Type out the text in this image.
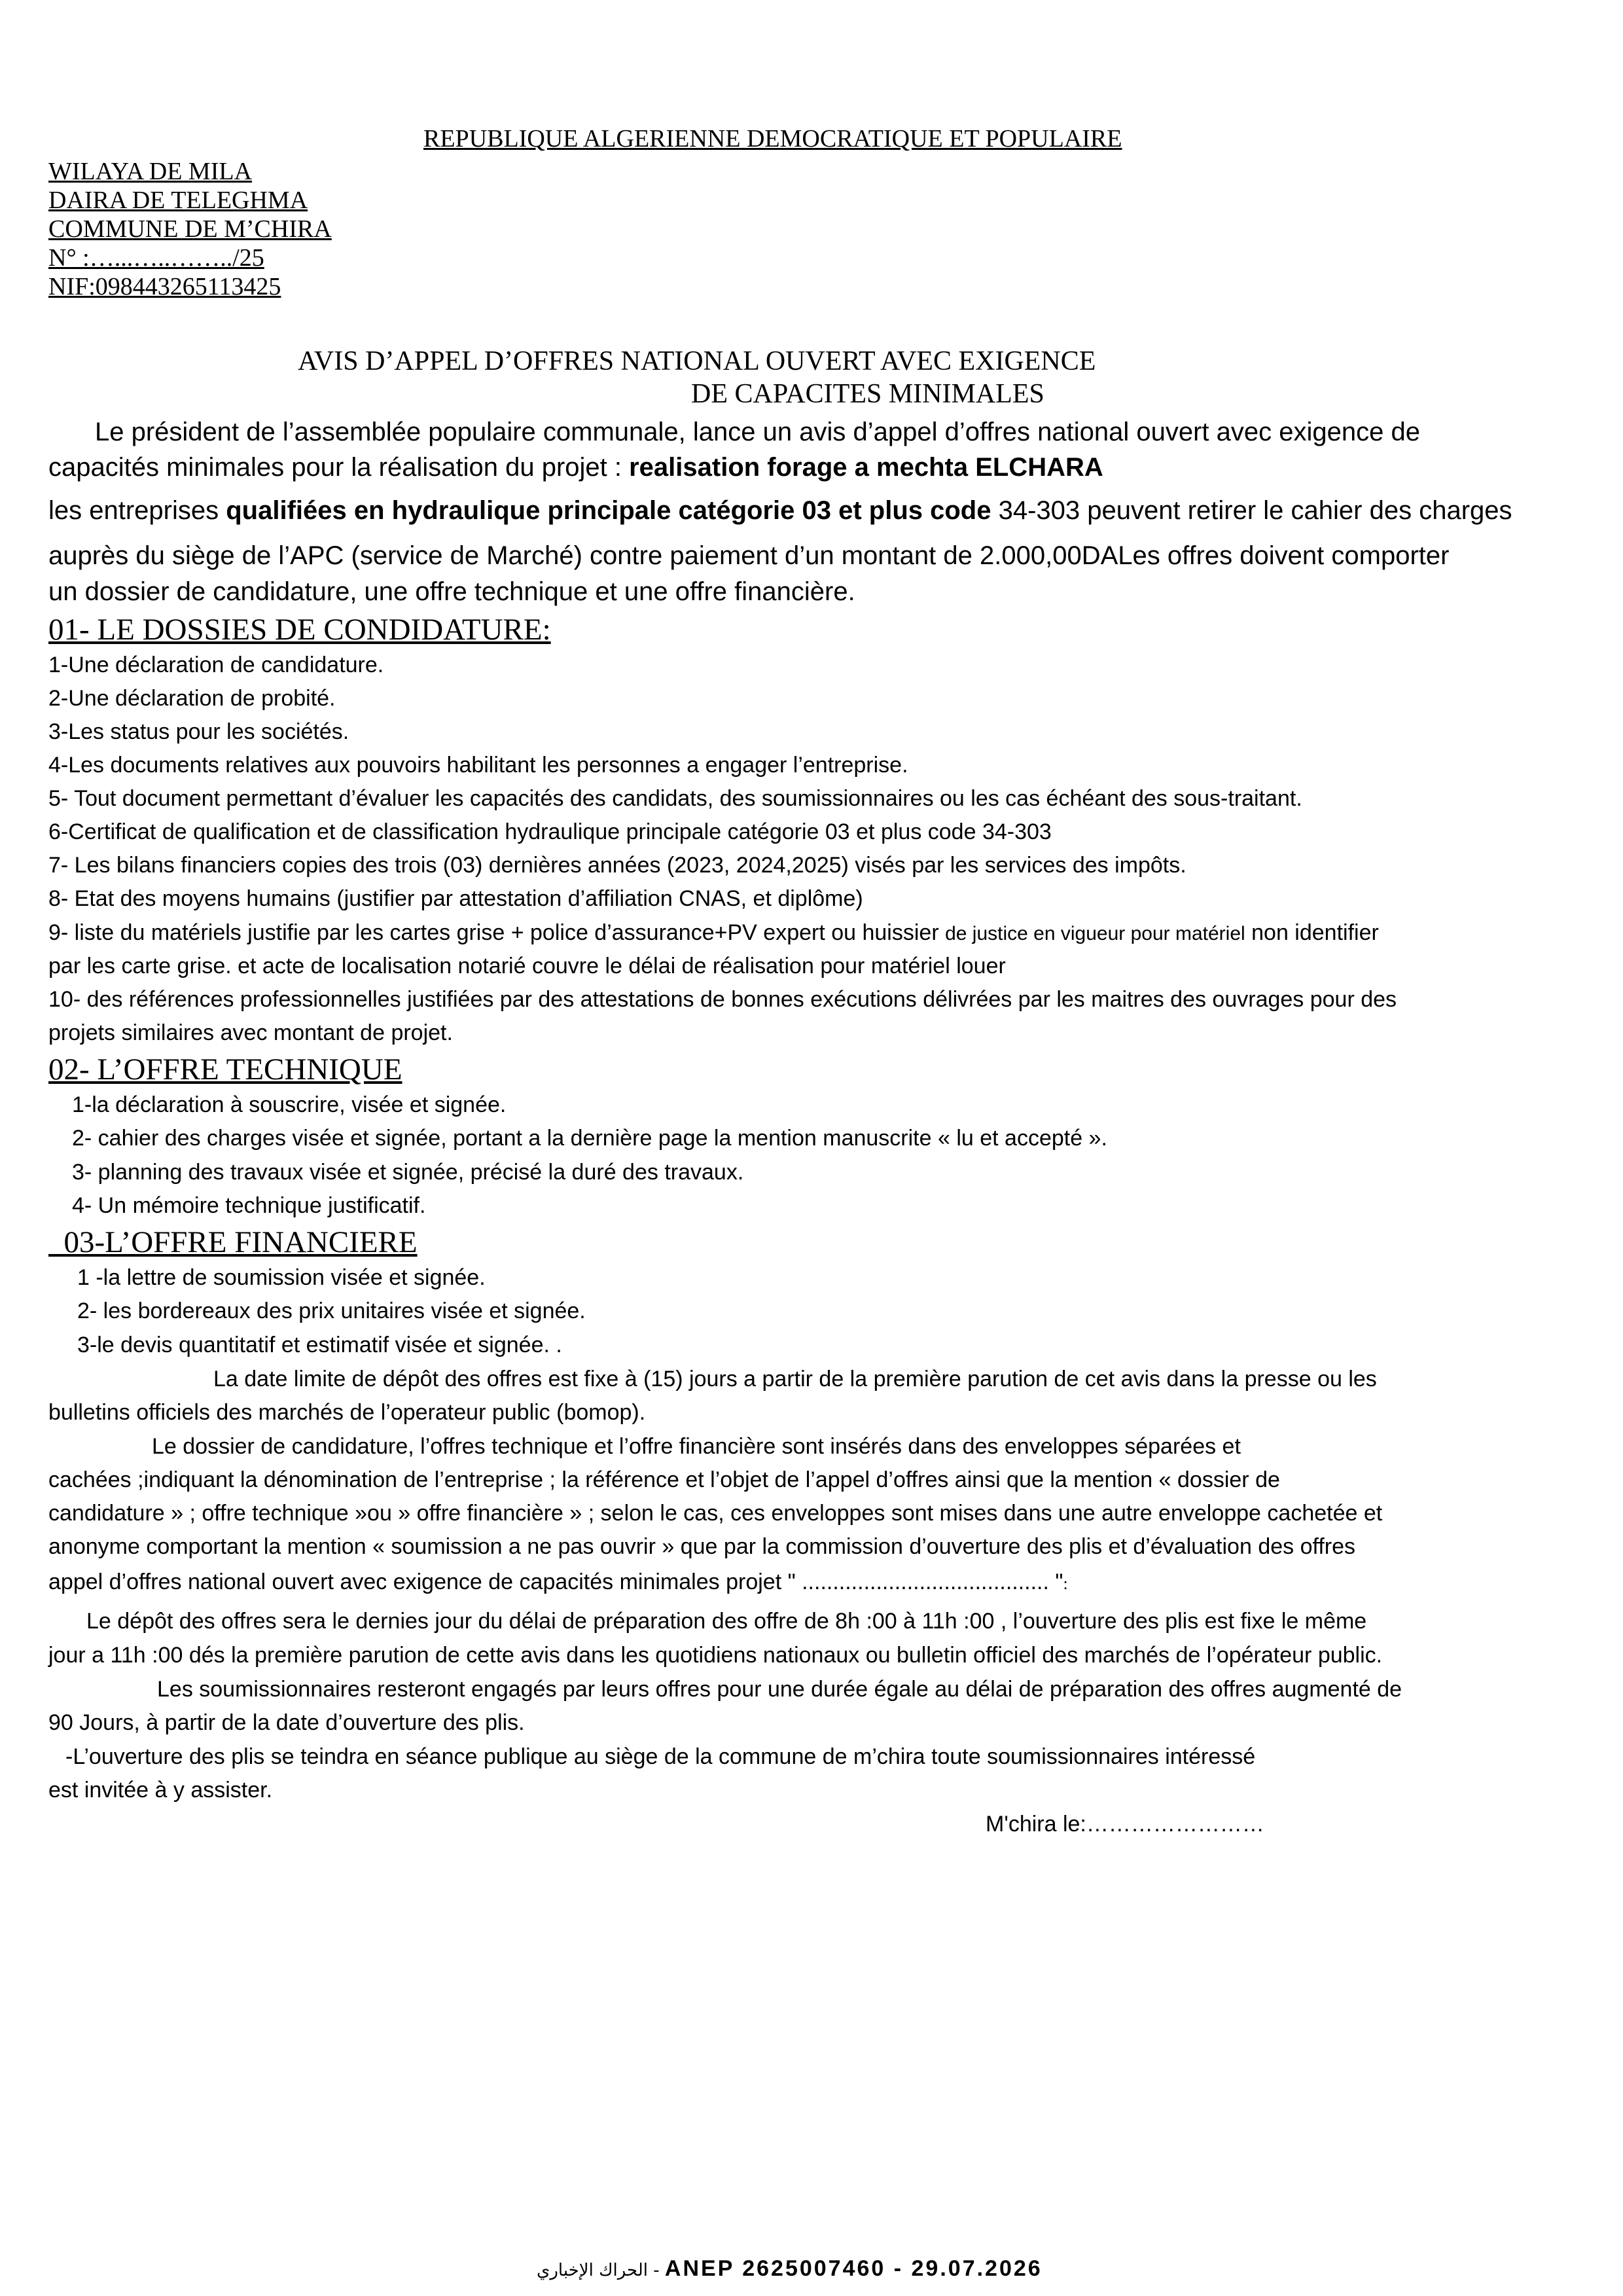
REPUBLIQUE ALGERIENNE DEMOCRATIQUE ET POPULAIRE
WILAYA DE MILA
DAIRA DE TELEGHMA
COMMUNE DE M’CHIRA
N° :…...…..……../25
NIF:098443265113425
AVIS D’APPEL D’OFFRES NATIONAL OUVERT AVEC EXIGENCE
DE CAPACITES MINIMALES
Le président de l’assemblée populaire communale, lance un avis d’appel d’offres national ouvert avec exigence de
capacités minimales pour la réalisation du projet : realisation forage a mechta ELCHARA
les entreprises qualifiées en hydraulique principale catégorie 03 et plus code 34-303 peuvent retirer le cahier des charges
auprès du siège de l’APC (service de Marché) contre paiement d’un montant de 2.000,00DALes offres doivent comporter
un dossier de candidature, une offre technique et une offre financière.
01- LE DOSSIES DE CONDIDATURE:
1-Une déclaration de candidature.
2-Une déclaration de probité.
3-Les status pour les sociétés.
4-Les documents relatives aux pouvoirs habilitant les personnes a engager l’entreprise.
5- Tout document permettant d’évaluer les capacités des candidats, des soumissionnaires ou les cas échéant des sous-traitant.
6-Certificat de qualification et de classification hydraulique principale catégorie 03 et plus code 34-303
7- Les bilans financiers copies des trois (03) dernières années (2023, 2024,2025) visés par les services des impôts.
8- Etat des moyens humains (justifier par attestation d’affiliation CNAS, et diplôme)
9- liste du matériels justifie par les cartes grise + police d’assurance+PV expert ou huissier de justice en vigueur pour matériel non identifier
par les carte grise. et acte de localisation notarié couvre le délai de réalisation pour matériel louer
10- des références professionnelles justifiées par des attestations de bonnes exécutions délivrées par les maitres des ouvrages pour des
projets similaires avec montant de projet.
02- L’OFFRE TECHNIQUE
1-la déclaration à souscrire, visée et signée.
2- cahier des charges visée et signée, portant a la dernière page la mention manuscrite « lu et accepté ».
3- planning des travaux visée et signée, précisé la duré des travaux.
4- Un mémoire technique justificatif.
03-L’OFFRE FINANCIERE
1 -la lettre de soumission visée et signée.
2- les bordereaux des prix unitaires visée et signée.
3-le devis quantitatif et estimatif visée et signée. .
La date limite de dépôt des offres est fixe à (15) jours a partir de la première parution de cet avis dans la presse ou les
bulletins officiels des marchés de l’operateur public (bomop).
Le dossier de candidature, l’offres technique et l’offre financière sont insérés dans des enveloppes séparées et
cachées ;indiquant la dénomination de l’entreprise ; la référence et l’objet de l’appel d’offres ainsi que la mention « dossier de
candidature » ; offre technique »ou » offre financière » ; selon le cas, ces enveloppes sont mises dans une autre enveloppe cachetée et
anonyme comportant la mention « soumission a ne pas ouvrir » que par la commission d’ouverture des plis et d’évaluation des offres
appel d’offres national ouvert avec exigence de capacités minimales projet " ........................................ ":
Le dépôt des offres sera le dernies jour du délai de préparation des offre de 8h :00 à 11h :00 , l’ouverture des plis est fixe le même
jour a 11h :00 dés la première parution de cette avis dans les quotidiens nationaux ou bulletin officiel des marchés de l’opérateur public.
Les soumissionnaires resteront engagés par leurs offres pour une durée égale au délai de préparation des offres augmenté de
90 Jours, à partir de la date d’ouverture des plis.
-L’ouverture des plis se teindra en séance publique au siège de la commune de m’chira toute soumissionnaires intéressé
est invitée à y assister.
M'chira le:……………………
الحراك الإخباري - ANEP 2625007460 - 29.07.2026
